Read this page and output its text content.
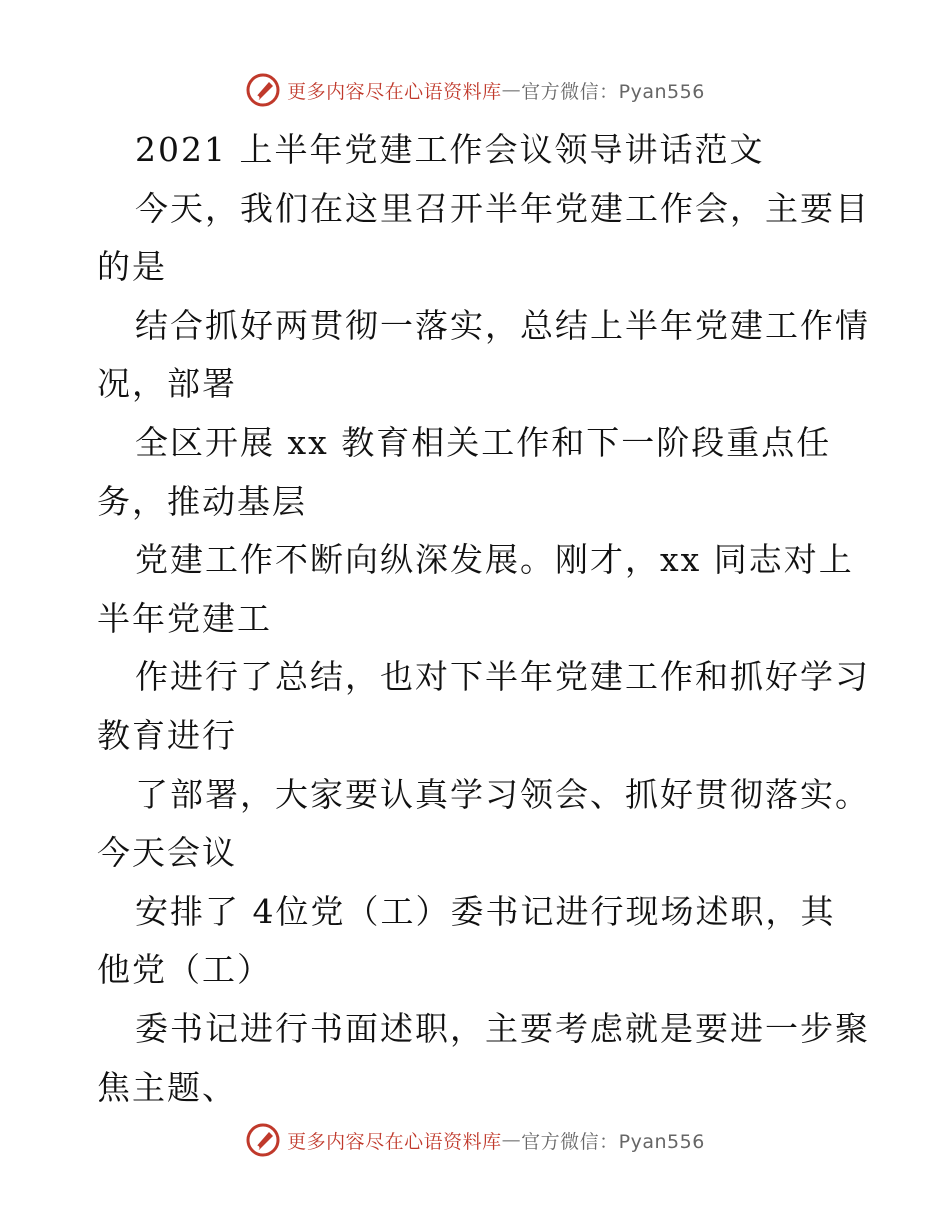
更多内容尽在心语资料库 — 官方微信：Pyan556
2021 上半年党建工作会议领导讲话范文
今天，我们在这里召开半年党建工作会，主要目
的是
结合抓好两贯彻一落实，总结上半年党建工作情
况，部署
全区开展 xx 教育相关工作和下一阶段重点任
务，推动基层
党建工作不断向纵深发展。刚才，xx 同志对上
半年党建工
作进行了总结，也对下半年党建工作和抓好学习
教育进行
了部署，大家要认真学习领会、抓好贯彻落实。
今天会议
安排了 4位党（工）委书记进行现场述职，其
他党（工）
委书记进行书面述职，主要考虑就是要进一步聚
焦主题、
更多内容尽在心语资料库 — 官方微信：Pyan556
